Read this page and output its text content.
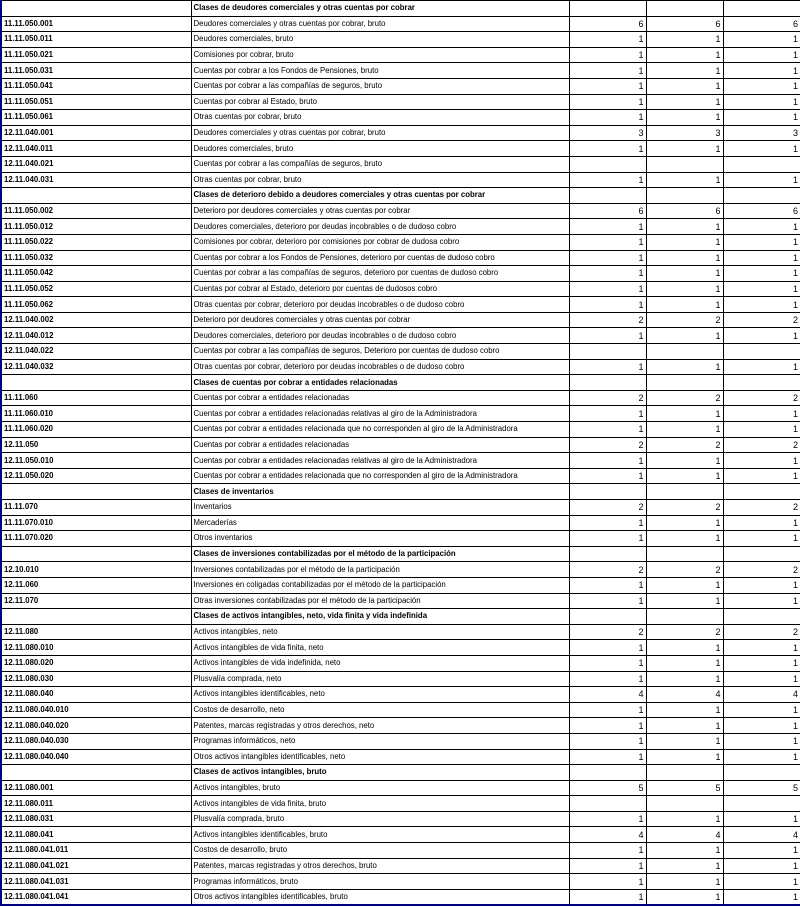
	Clases de deudores comerciales y otras cuentas por cobrar			
11.11.050.001	Deudores comerciales y otras cuentas por cobrar, bruto	6	6	6
11.11.050.011	Deudores comerciales, bruto	1	1	1
11.11.050.021	Comisiones por cobrar, bruto	1	1	1
11.11.050.031	Cuentas por cobrar a los Fondos de Pensiones, bruto	1	1	1
11.11.050.041	Cuentas por cobrar a las compañías de seguros, bruto	1	1	1
11.11.050.051	Cuentas por cobrar al Estado, bruto	1	1	1
11.11.050.061	Otras cuentas por cobrar, bruto	1	1	1
12.11.040.001	Deudores comerciales y otras cuentas por cobrar, bruto	3	3	3
12.11.040.011	Deudores comerciales, bruto	1	1	1
12.11.040.021	Cuentas por cobrar a las compañías de seguros, bruto			
12.11.040.031	Otras cuentas por cobrar, bruto	1	1	1
	Clases de deterioro debido a deudores comerciales y otras cuentas por cobrar			
11.11.050.002	Deterioro por deudores comerciales y otras cuentas por cobrar	6	6	6
11.11.050.012	Deudores comerciales, deterioro por deudas incobrables o de dudoso cobro	1	1	1
11.11.050.022	Comisiones por cobrar, deterioro por comisiones por cobrar de dudosa cobro	1	1	1
11.11.050.032	Cuentas por cobrar a los Fondos de Pensiones, deterioro por cuentas de dudoso cobro	1	1	1
11.11.050.042	Cuentas por cobrar a las compañías de seguros, deterioro por cuentas de dudoso cobro	1	1	1
11.11.050.052	Cuentas por cobrar al Estado, deterioro por cuentas de dudosos cobro	1	1	1
11.11.050.062	Otras cuentas por cobrar, deterioro por deudas incobrables o de dudoso cobro	1	1	1
12.11.040.002	Deterioro por deudores comerciales y otras cuentas por cobrar	2	2	2
12.11.040.012	Deudores comerciales, deterioro por deudas incobrables o de dudoso cobro	1	1	1
12.11.040.022	Cuentas por cobrar a las compañías de seguros, Deterioro por cuentas de dudoso cobro			
12.11.040.032	Otras cuentas por cobrar, deterioro por deudas incobrables o de dudoso cobro	1	1	1
	Clases de cuentas por cobrar a entidades relacionadas			
11.11.060	Cuentas por cobrar a entidades relacionadas	2	2	2
11.11.060.010	Cuentas por cobrar a entidades relacionadas relativas al giro de la Administradora	1	1	1
11.11.060.020	Cuentas por cobrar a entidades relacionada que no corresponden al giro de la Administradora	1	1	1
12.11.050	Cuentas por cobrar a entidades relacionadas	2	2	2
12.11.050.010	Cuentas por cobrar a entidades relacionadas relativas al giro de la Administradora	1	1	1
12.11.050.020	Cuentas por cobrar a entidades relacionada que no corresponden al giro de la Administradora	1	1	1
	Clases de inventarios			
11.11.070	Inventarios	2	2	2
11.11.070.010	Mercaderías	1	1	1
11.11.070.020	Otros inventarios	1	1	1
	Clases de inversiones contabilizadas por el método de la participación			
12.10.010	Inversiones contabilizadas por el método de la participación	2	2	2
12.11.060	Inversiones en coligadas contabilizadas por el método de la participación	1	1	1
12.11.070	Otras inversiones contabilizadas por el método de la participación	1	1	1
	Clases de activos intangibles, neto, vida finita y vida indefinida			
12.11.080	Activos intangibles, neto	2	2	2
12.11.080.010	Activos intangibles de vida finita, neto	1	1	1
12.11.080.020	Activos intangibles de vida indefinida, neto	1	1	1
12.11.080.030	Plusvalía comprada, neto	1	1	1
12.11.080.040	Activos intangibles identificables, neto	4	4	4
12.11.080.040.010	Costos de desarrollo, neto	1	1	1
12.11.080.040.020	Patentes, marcas registradas y otros derechos, neto	1	1	1
12.11.080.040.030	Programas informáticos, neto	1	1	1
12.11.080.040.040	Otros activos intangibles identificables, neto	1	1	1
	Clases de activos intangibles, bruto			
12.11.080.001	Activos intangibles, bruto	5	5	5
12.11.080.011	Activos intangibles de vida finita, bruto			
12.11.080.031	Plusvalía comprada, bruto	1	1	1
12.11.080.041	Activos intangibles identificables, bruto	4	4	4
12.11.080.041.011	Costos de desarrollo, bruto	1	1	1
12.11.080.041.021	Patentes, marcas registradas y otros derechos, bruto	1	1	1
12.11.080.041.031	Programas informáticos, bruto	1	1	1
12.11.080.041.041	Otros activos intangibles identificables, bruto	1	1	1
